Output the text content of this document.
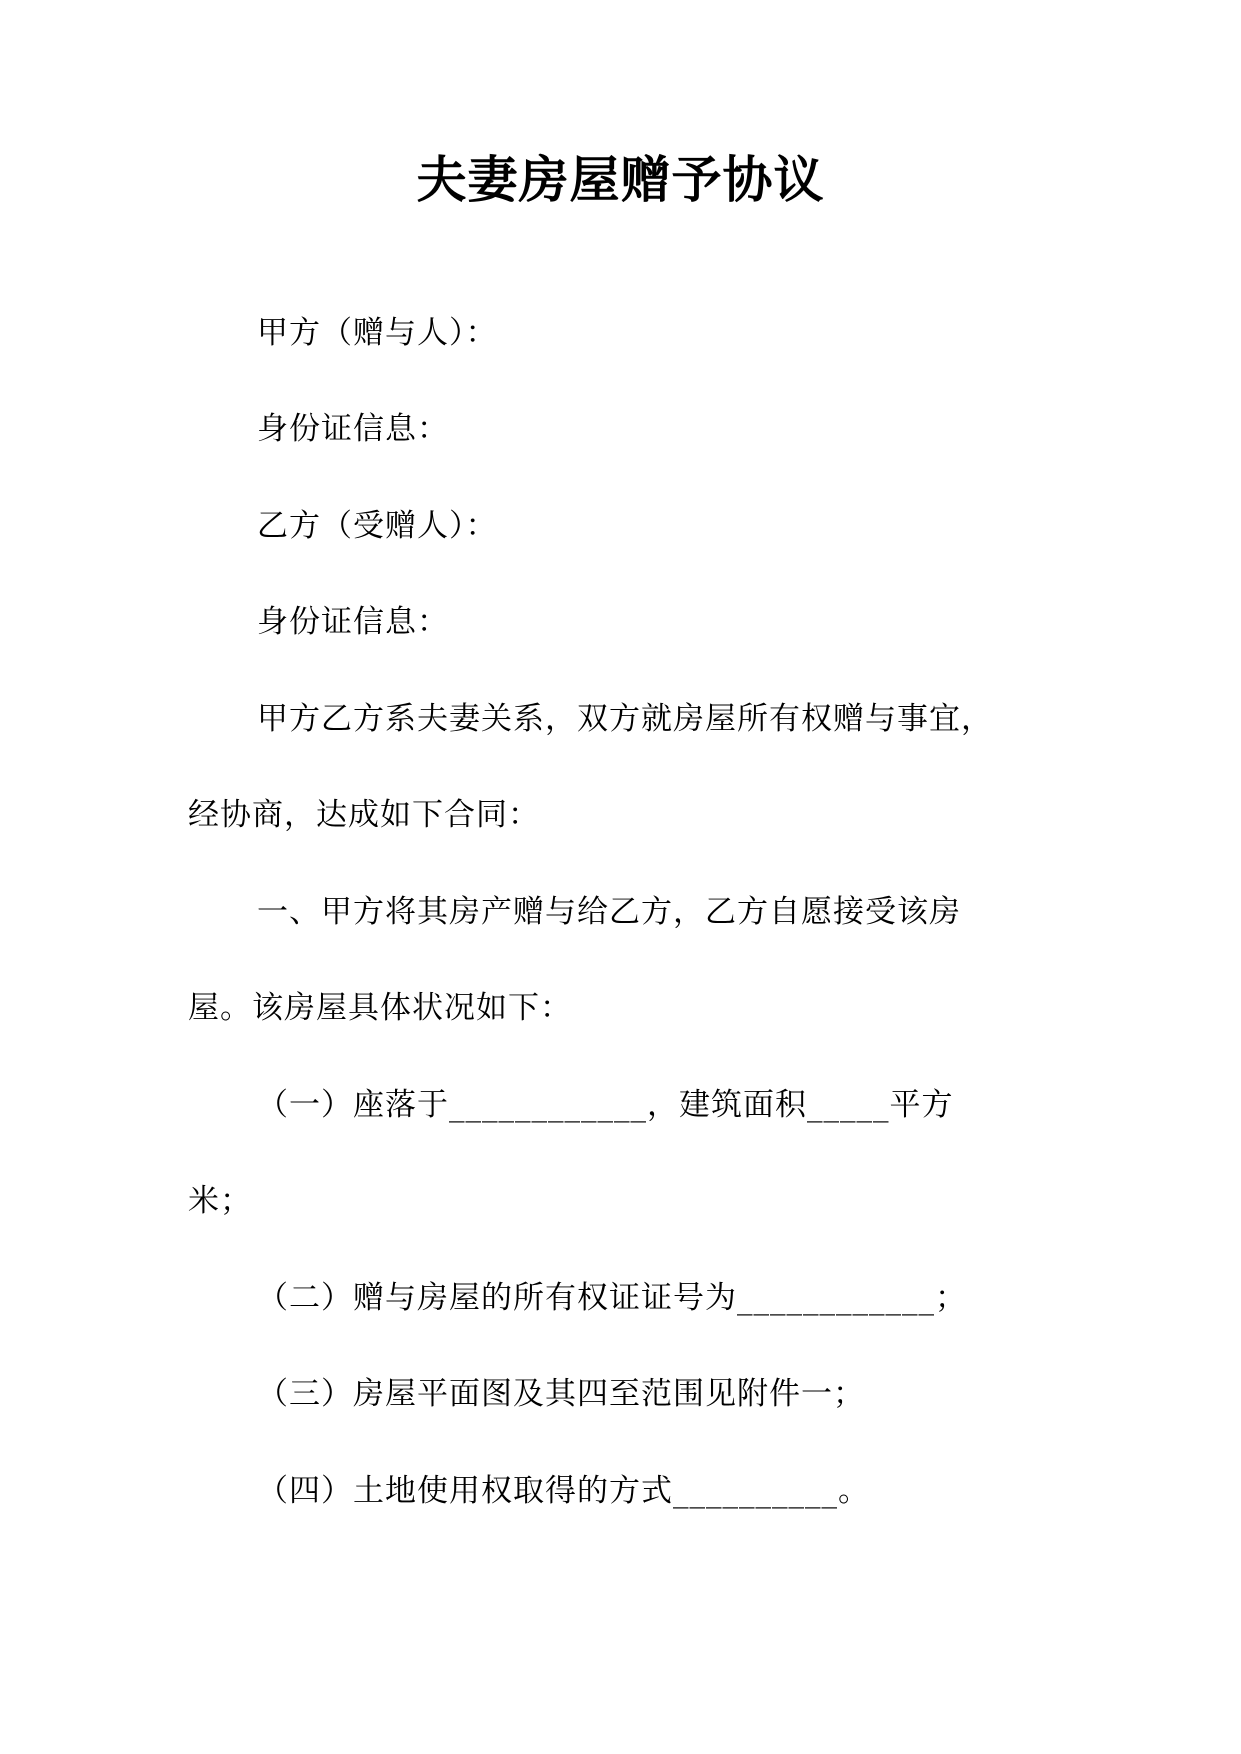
夫妻房屋赠予协议
甲方（赠与人）：
身份证信息：
乙方（受赠人）：
身份证信息：
甲方乙方系夫妻关系，双方就房屋所有权赠与事宜，
经协商，达成如下合同：
一、甲方将其房产赠与给乙方，乙方自愿接受该房
屋。该房屋具体状况如下：
（一）座落于____________，建筑面积_____平方
米；
（二）赠与房屋的所有权证证号为____________；
（三）房屋平面图及其四至范围见附件一；
（四）土地使用权取得的方式__________。
